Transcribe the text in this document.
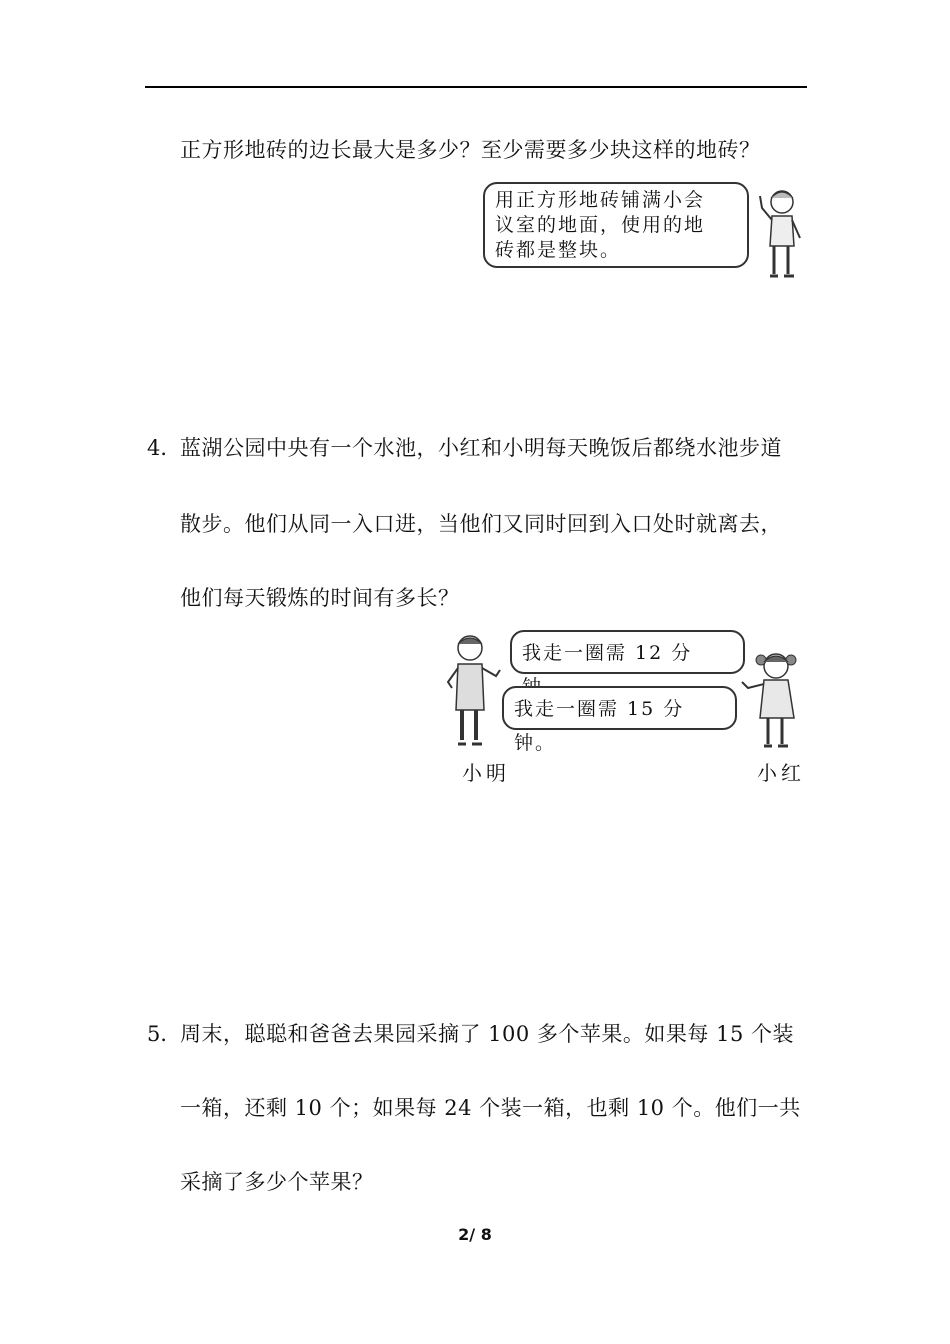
正方形地砖的边长最大是多少？至少需要多少块这样的地砖？
用正方形地砖铺满小会
议室的地面，使用的地
砖都是整块。
4．
蓝湖公园中央有一个水池，小红和小明每天晚饭后都绕水池步道
散步。他们从同一入口进，当他们又同时回到入口处时就离去，
他们每天锻炼的时间有多长？
我走一圈需 12 分
我走一圈需 15 分钟。
小明	小红
5．
周末，聪聪和爸爸去果园采摘了 100 多个苹果。如果每 15 个装
一箱，还剩 10 个；如果每 24 个装一箱，也剩 10 个。他们一共
采摘了多少个苹果？
2/ 8
